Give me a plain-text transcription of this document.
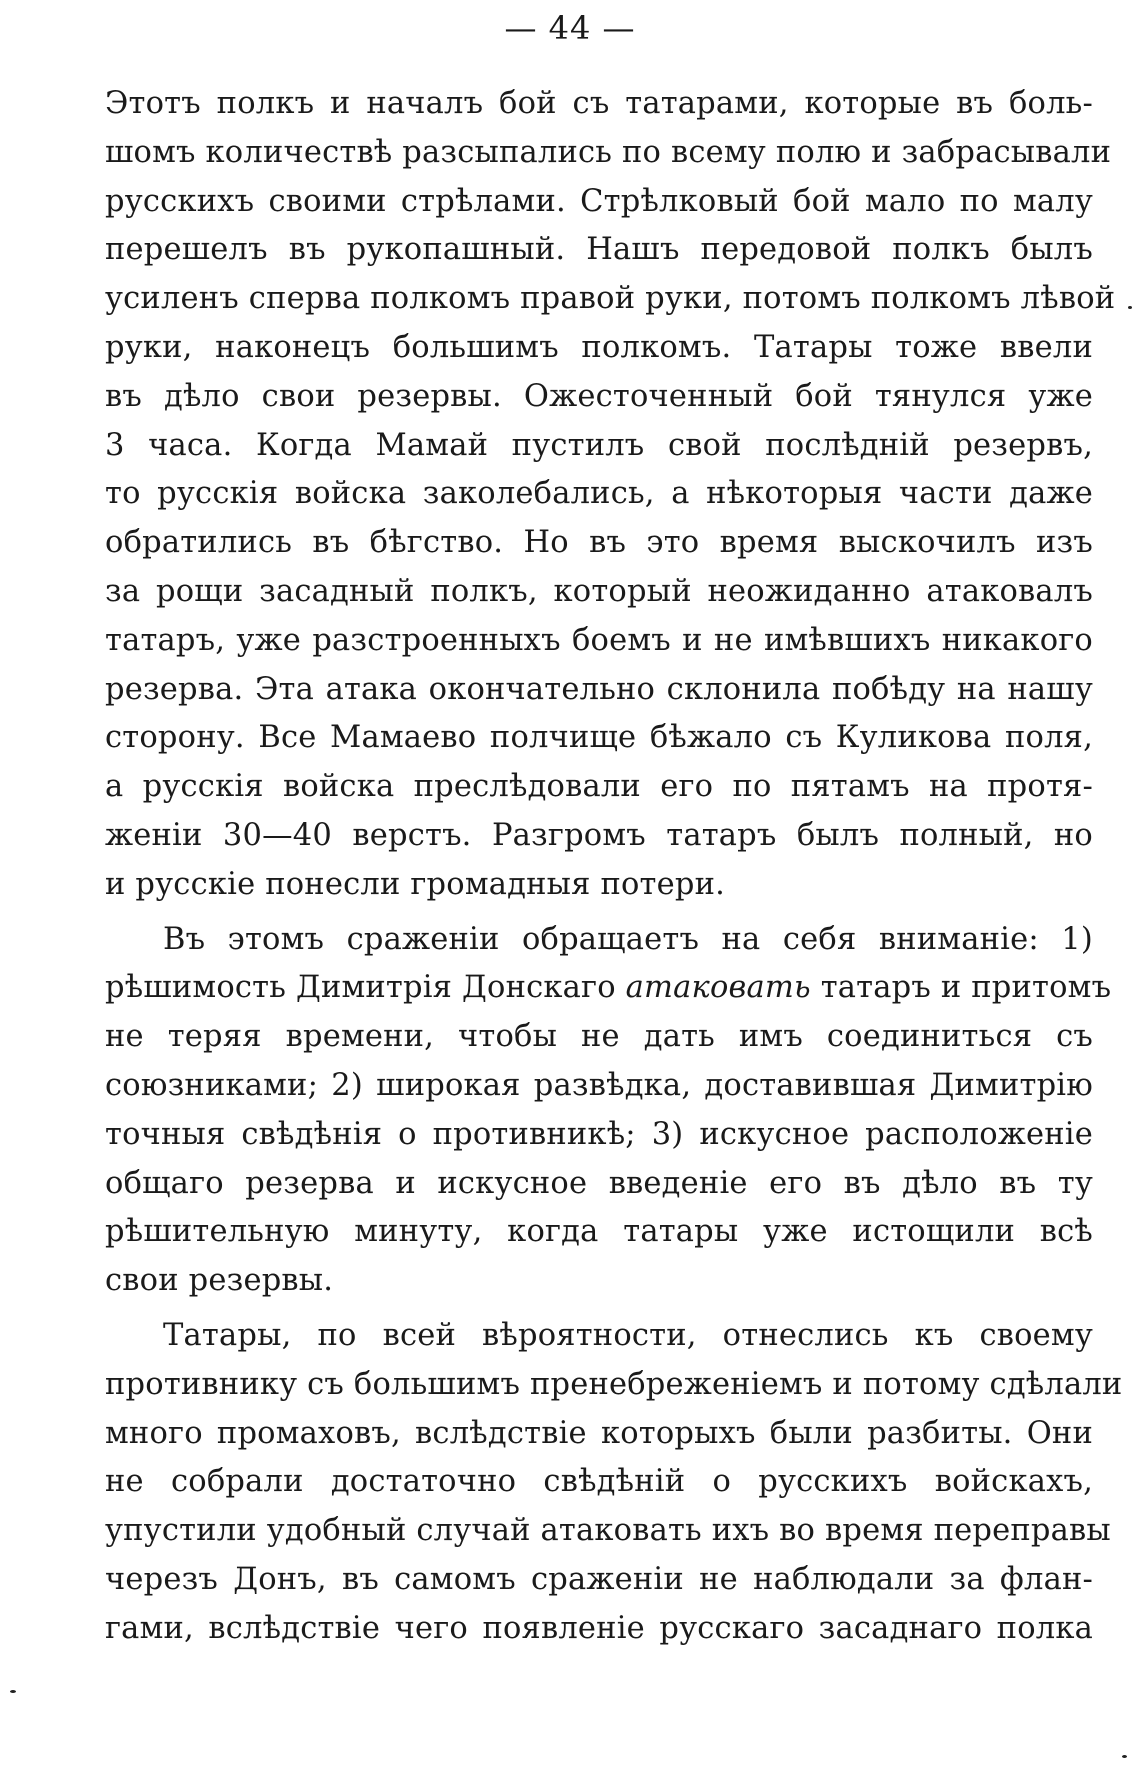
— 44 —
Этотъ полкъ и началъ бой съ татарами, которые въ боль-
шомъ количествѣ разсыпались по всему полю и забрасывали
русскихъ своими стрѣлами. Стрѣлковый бой мало по малу
перешелъ въ рукопашный. Нашъ передовой полкъ былъ
усиленъ сперва полкомъ правой руки, потомъ полкомъ лѣвой
руки, наконецъ большимъ полкомъ. Татары тоже ввели
въ дѣло свои резервы. Ожесточенный бой тянулся уже
3 часа. Когда Мамай пустилъ свой послѣдній резервъ,
то русскія войска заколебались, а нѣкоторыя части даже
обратились въ бѣгство. Но въ это время выскочилъ изъ
за рощи засадный полкъ, который неожиданно атаковалъ
татаръ, уже разстроенныхъ боемъ и не имѣвшихъ никакого
резерва. Эта атака окончательно склонила побѣду на нашу
сторону. Все Мамаево полчище бѣжало съ Куликова поля,
а русскія войска преслѣдовали его по пятамъ на протя-
женіи 30—40 верстъ. Разгромъ татаръ былъ полный, но
и русскіе понесли громадныя потери.
Въ этомъ сраженіи обращаетъ на себя вниманіе: 1)
рѣшимость Димитрія Донскаго атаковать татаръ и притомъ
не теряя времени, чтобы не дать имъ соединиться съ
союзниками; 2) широкая развѣдка, доставившая Димитрію
точныя свѣдѣнія о противникѣ; 3) искусное расположеніе
общаго резерва и искусное введеніе его въ дѣло въ ту
рѣшительную минуту, когда татары уже истощили всѣ
свои резервы.
Татары, по всей вѣроятности, отнеслись къ своему
противнику съ большимъ пренебреженіемъ и потому сдѣлали
много промаховъ, вслѣдствіе которыхъ были разбиты. Они
не собрали достаточно свѣдѣній о русскихъ войскахъ,
упустили удобный случай атаковать ихъ во время переправы
черезъ Донъ, въ самомъ сраженіи не наблюдали за флан-
гами, вслѣдствіе чего появленіе русскаго засаднаго полка
